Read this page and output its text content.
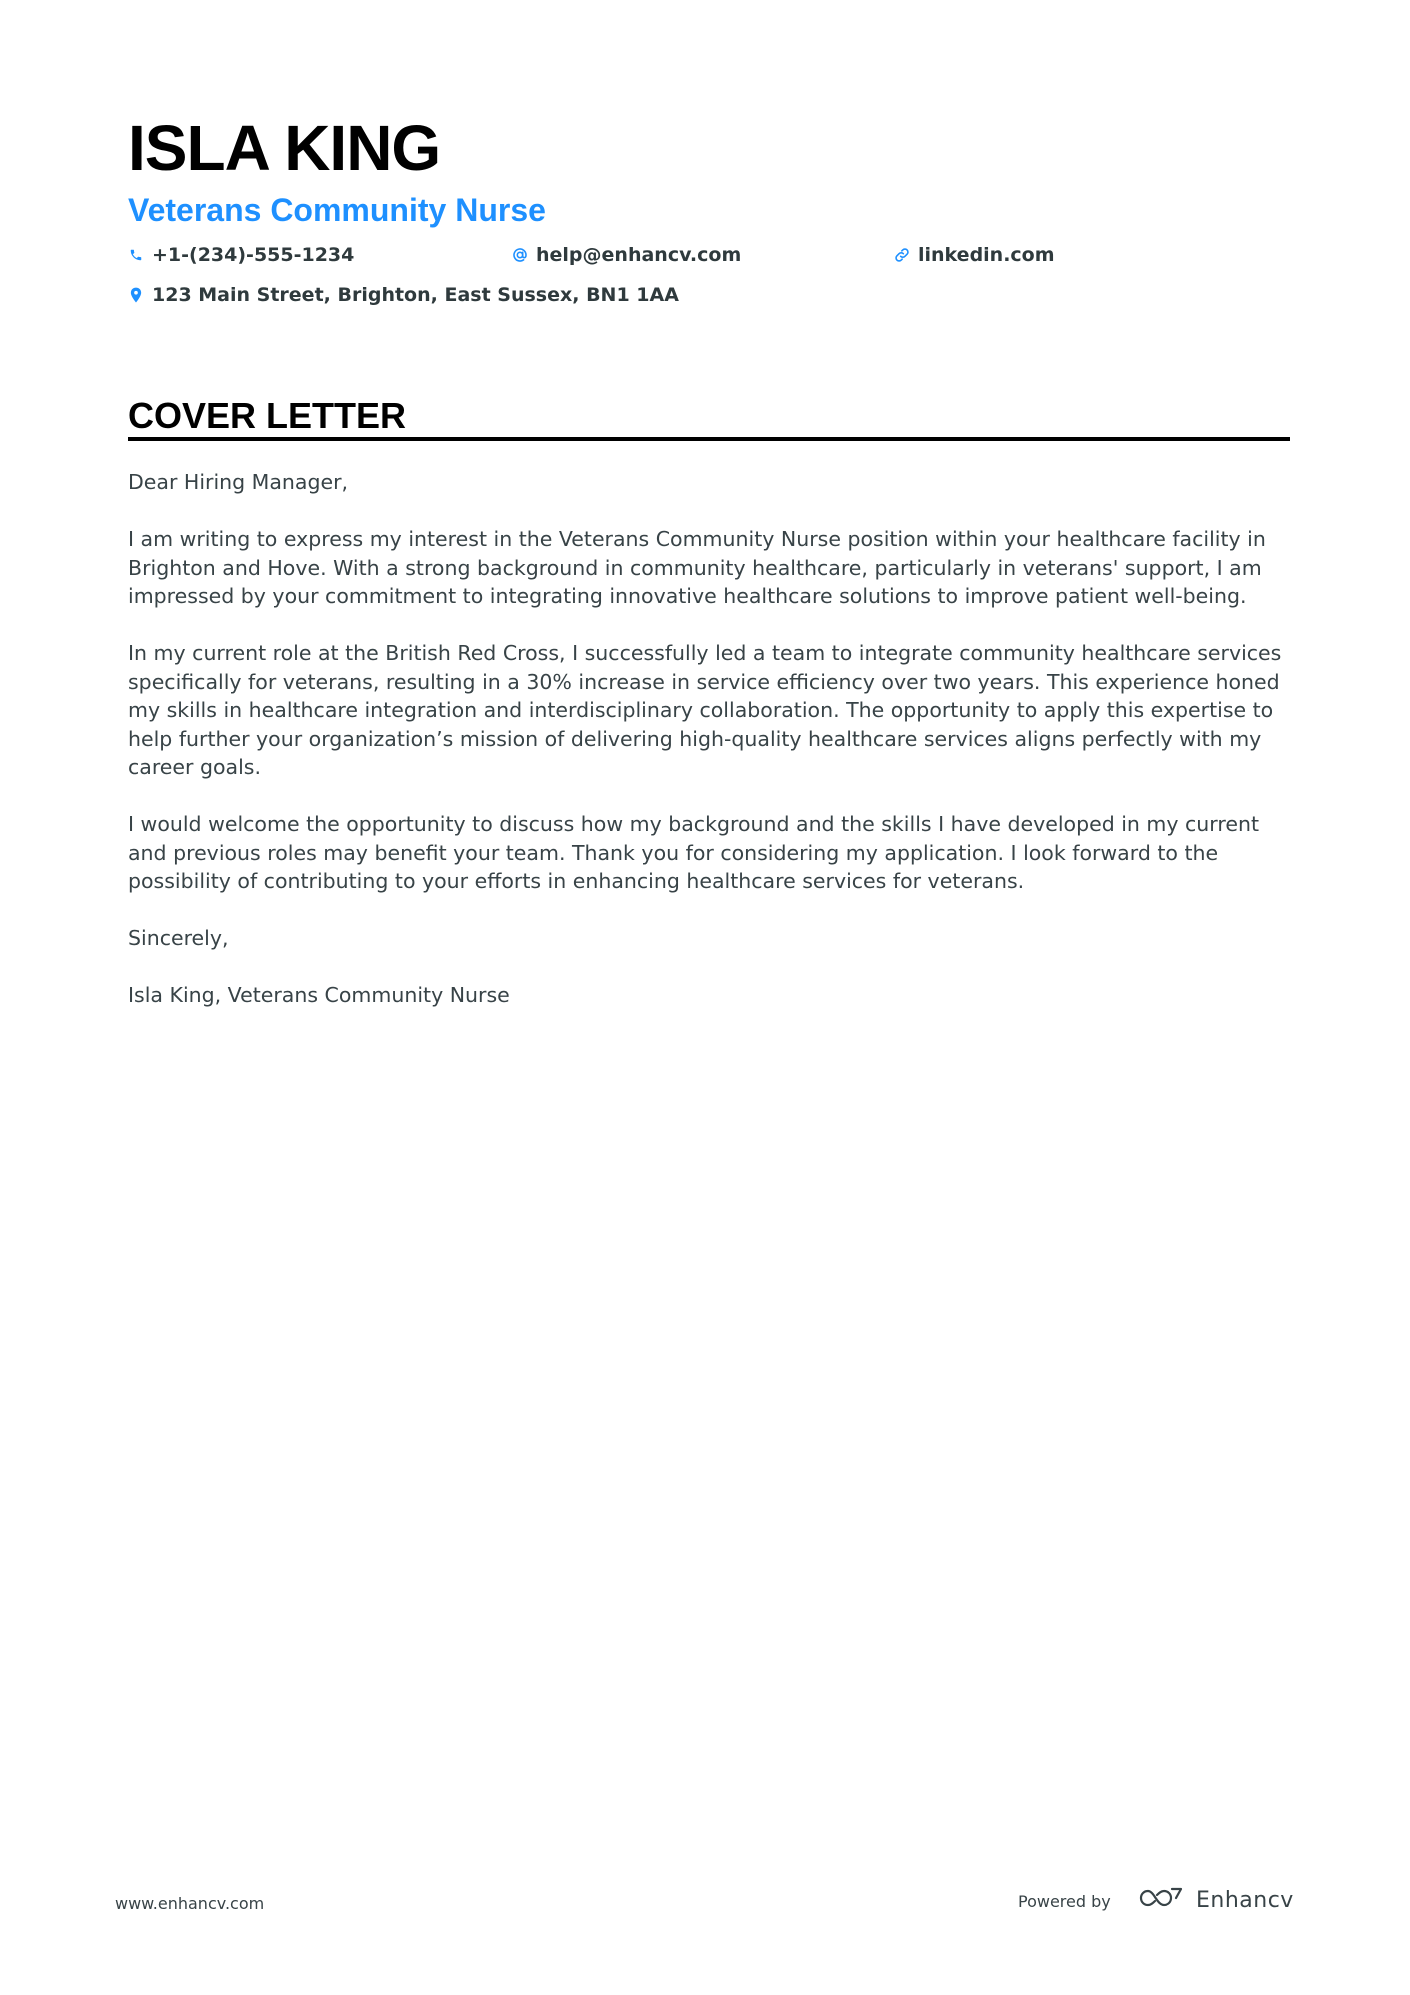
ISLA KING
Veterans Community Nurse
+1-(234)-555-1234	help@enhancv.com	linkedin.com
123 Main Street, Brighton, East Sussex, BN1 1AA
COVER LETTER

Dear Hiring Manager,

I am writing to express my interest in the Veterans Community Nurse position within your healthcare facility in Brighton and Hove. With a strong background in community healthcare, particularly in veterans' support, I am impressed by your commitment to integrating innovative healthcare solutions to improve patient well-being.

In my current role at the British Red Cross, I successfully led a team to integrate community healthcare services specifically for veterans, resulting in a 30% increase in service efficiency over two years. This experience honed my skills in healthcare integration and interdisciplinary collaboration. The opportunity to apply this expertise to help further your organization’s mission of delivering high-quality healthcare services aligns perfectly with my career goals.

I would welcome the opportunity to discuss how my background and the skills I have developed in my current and previous roles may benefit your team. Thank you for considering my application. I look forward to the possibility of contributing to your efforts in enhancing healthcare services for veterans.

Sincerely,

Isla King, Veterans Community Nurse

www.enhancv.com	Powered by	Enhancv
